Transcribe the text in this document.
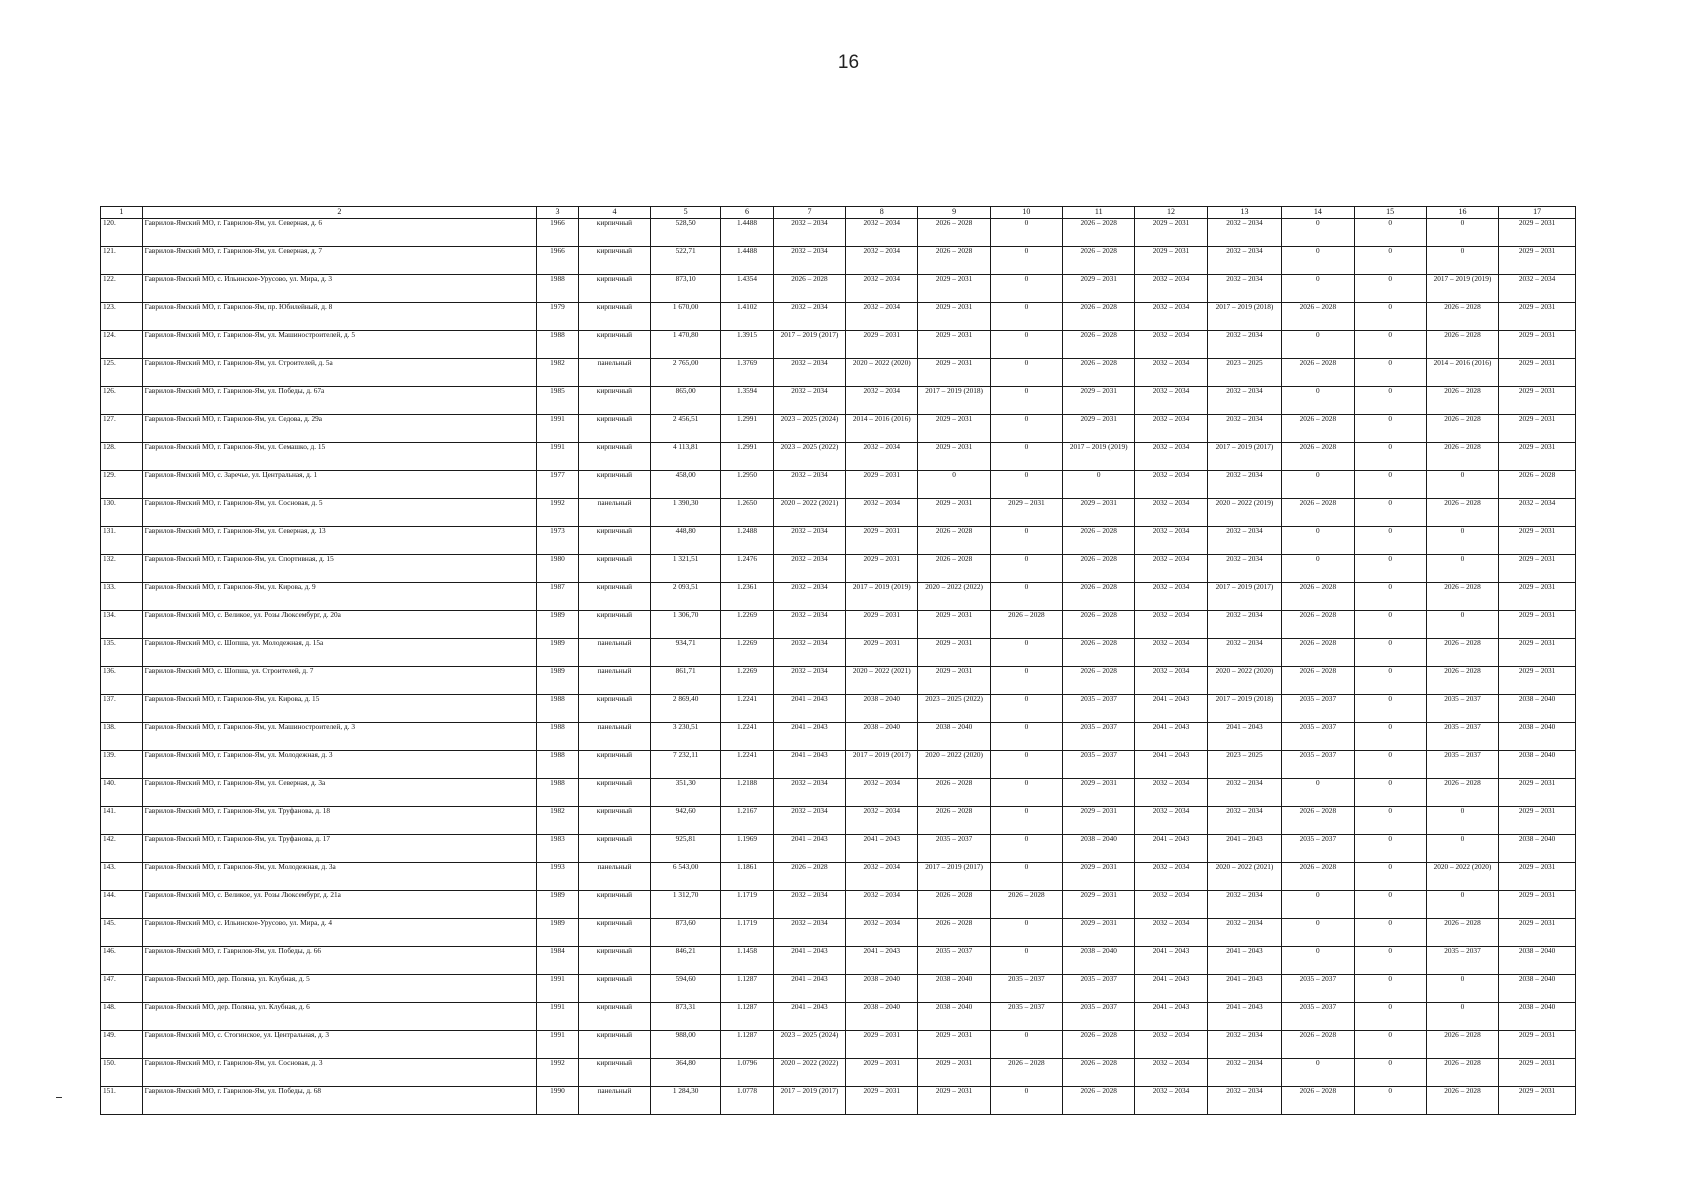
16
1	2	3	4	5	6	7	8	9	10	11	12	13	14	15	16	17
120.	Гаврилов-Ямский МО, г. Гаврилов-Ям, ул. Северная, д. 6	1966	кирпичный	528,50	1.4488	2032 – 2034	2032 – 2034	2026 – 2028	0	2026 – 2028	2029 – 2031	2032 – 2034	0	0	0	2029 – 2031
121.	Гаврилов-Ямский МО, г. Гаврилов-Ям, ул. Северная, д. 7	1966	кирпичный	522,71	1.4488	2032 – 2034	2032 – 2034	2026 – 2028	0	2026 – 2028	2029 – 2031	2032 – 2034	0	0	0	2029 – 2031
122.	Гаврилов-Ямский МО, с. Ильинское-Урусово, ул. Мира, д. 3	1988	кирпичный	873,10	1.4354	2026 – 2028	2032 – 2034	2029 – 2031	0	2029 – 2031	2032 – 2034	2032 – 2034	0	0	2017 – 2019 (2019)	2032 – 2034
123.	Гаврилов-Ямский МО, г. Гаврилов-Ям, пр. Юбилейный, д. 8	1979	кирпичный	1 670,00	1.4102	2032 – 2034	2032 – 2034	2029 – 2031	0	2026 – 2028	2032 – 2034	2017 – 2019 (2018)	2026 – 2028	0	2026 – 2028	2029 – 2031
124.	Гаврилов-Ямский МО, г. Гаврилов-Ям, ул. Машиностроителей, д. 5	1988	кирпичный	1 470,80	1.3915	2017 – 2019 (2017)	2029 – 2031	2029 – 2031	0	2026 – 2028	2032 – 2034	2032 – 2034	0	0	2026 – 2028	2029 – 2031
125.	Гаврилов-Ямский МО, г. Гаврилов-Ям, ул. Строителей, д. 5а	1982	панельный	2 765,00	1.3769	2032 – 2034	2020 – 2022 (2020)	2029 – 2031	0	2026 – 2028	2032 – 2034	2023 – 2025	2026 – 2028	0	2014 – 2016 (2016)	2029 – 2031
126.	Гаврилов-Ямский МО, г. Гаврилов-Ям, ул. Победы, д. 67а	1985	кирпичный	865,00	1.3594	2032 – 2034	2032 – 2034	2017 – 2019 (2018)	0	2029 – 2031	2032 – 2034	2032 – 2034	0	0	2026 – 2028	2029 – 2031
127.	Гаврилов-Ямский МО, г. Гаврилов-Ям, ул. Седова, д. 29а	1991	кирпичный	2 456,51	1.2991	2023 – 2025 (2024)	2014 – 2016 (2016)	2029 – 2031	0	2029 – 2031	2032 – 2034	2032 – 2034	2026 – 2028	0	2026 – 2028	2029 – 2031
128.	Гаврилов-Ямский МО, г. Гаврилов-Ям, ул. Семашко, д. 15	1991	кирпичный	4 113,81	1.2991	2023 – 2025 (2022)	2032 – 2034	2029 – 2031	0	2017 – 2019 (2019)	2032 – 2034	2017 – 2019 (2017)	2026 – 2028	0	2026 – 2028	2029 – 2031
129.	Гаврилов-Ямский МО, с. Заречье, ул. Центральная, д. 1	1977	кирпичный	458,00	1.2950	2032 – 2034	2029 – 2031	0	0	0	2032 – 2034	2032 – 2034	0	0	0	2026 – 2028
130.	Гаврилов-Ямский МО, г. Гаврилов-Ям, ул. Сосновая, д. 5	1992	панельный	1 390,30	1.2650	2020 – 2022 (2021)	2032 – 2034	2029 – 2031	2029 – 2031	2029 – 2031	2032 – 2034	2020 – 2022 (2019)	2026 – 2028	0	2026 – 2028	2032 – 2034
131.	Гаврилов-Ямский МО, г. Гаврилов-Ям, ул. Северная, д. 13	1973	кирпичный	448,80	1.2488	2032 – 2034	2029 – 2031	2026 – 2028	0	2026 – 2028	2032 – 2034	2032 – 2034	0	0	0	2029 – 2031
132.	Гаврилов-Ямский МО, г. Гаврилов-Ям, ул. Спортивная, д. 15	1980	кирпичный	1 321,51	1.2476	2032 – 2034	2029 – 2031	2026 – 2028	0	2026 – 2028	2032 – 2034	2032 – 2034	0	0	0	2029 – 2031
133.	Гаврилов-Ямский МО, г. Гаврилов-Ям, ул. Кирова, д. 9	1987	кирпичный	2 093,51	1.2361	2032 – 2034	2017 – 2019 (2019)	2020 – 2022 (2022)	0	2026 – 2028	2032 – 2034	2017 – 2019 (2017)	2026 – 2028	0	2026 – 2028	2029 – 2031
134.	Гаврилов-Ямский МО, с. Великое, ул. Розы Люксембург, д. 20а	1989	кирпичный	1 306,70	1.2269	2032 – 2034	2029 – 2031	2029 – 2031	2026 – 2028	2026 – 2028	2032 – 2034	2032 – 2034	2026 – 2028	0	0	2029 – 2031
135.	Гаврилов-Ямский МО, с. Шопша, ул. Молодежная, д. 15а	1989	панельный	934,71	1.2269	2032 – 2034	2029 – 2031	2029 – 2031	0	2026 – 2028	2032 – 2034	2032 – 2034	2026 – 2028	0	2026 – 2028	2029 – 2031
136.	Гаврилов-Ямский МО, с. Шопша, ул. Строителей, д. 7	1989	панельный	861,71	1.2269	2032 – 2034	2020 – 2022 (2021)	2029 – 2031	0	2026 – 2028	2032 – 2034	2020 – 2022 (2020)	2026 – 2028	0	2026 – 2028	2029 – 2031
137.	Гаврилов-Ямский МО, г. Гаврилов-Ям, ул. Кирова, д. 15	1988	кирпичный	2 869,40	1.2241	2041 – 2043	2038 – 2040	2023 – 2025 (2022)	0	2035 – 2037	2041 – 2043	2017 – 2019 (2018)	2035 – 2037	0	2035 – 2037	2038 – 2040
138.	Гаврилов-Ямский МО, г. Гаврилов-Ям, ул. Машиностроителей, д. 3	1988	панельный	3 230,51	1.2241	2041 – 2043	2038 – 2040	2038 – 2040	0	2035 – 2037	2041 – 2043	2041 – 2043	2035 – 2037	0	2035 – 2037	2038 – 2040
139.	Гаврилов-Ямский МО, г. Гаврилов-Ям, ул. Молодежная, д. 3	1988	кирпичный	7 232,11	1.2241	2041 – 2043	2017 – 2019 (2017)	2020 – 2022 (2020)	0	2035 – 2037	2041 – 2043	2023 – 2025	2035 – 2037	0	2035 – 2037	2038 – 2040
140.	Гаврилов-Ямский МО, г. Гаврилов-Ям, ул. Северная, д. 3а	1988	кирпичный	351,30	1.2188	2032 – 2034	2032 – 2034	2026 – 2028	0	2029 – 2031	2032 – 2034	2032 – 2034	0	0	2026 – 2028	2029 – 2031
141.	Гаврилов-Ямский МО, г. Гаврилов-Ям, ул. Труфанова, д. 18	1982	кирпичный	942,60	1.2167	2032 – 2034	2032 – 2034	2026 – 2028	0	2029 – 2031	2032 – 2034	2032 – 2034	2026 – 2028	0	0	2029 – 2031
142.	Гаврилов-Ямский МО, г. Гаврилов-Ям, ул. Труфанова, д. 17	1983	кирпичный	925,81	1.1969	2041 – 2043	2041 – 2043	2035 – 2037	0	2038 – 2040	2041 – 2043	2041 – 2043	2035 – 2037	0	0	2038 – 2040
143.	Гаврилов-Ямский МО, г. Гаврилов-Ям, ул. Молодежная, д. 3а	1993	панельный	6 543,00	1.1861	2026 – 2028	2032 – 2034	2017 – 2019 (2017)	0	2029 – 2031	2032 – 2034	2020 – 2022 (2021)	2026 – 2028	0	2020 – 2022 (2020)	2029 – 2031
144.	Гаврилов-Ямский МО, с. Великое, ул. Розы Люксембург, д. 21а	1989	кирпичный	1 312,70	1.1719	2032 – 2034	2032 – 2034	2026 – 2028	2026 – 2028	2029 – 2031	2032 – 2034	2032 – 2034	0	0	0	2029 – 2031
145.	Гаврилов-Ямский МО, с. Ильинское-Урусово, ул. Мира, д. 4	1989	кирпичный	873,60	1.1719	2032 – 2034	2032 – 2034	2026 – 2028	0	2029 – 2031	2032 – 2034	2032 – 2034	0	0	2026 – 2028	2029 – 2031
146.	Гаврилов-Ямский МО, г. Гаврилов-Ям, ул. Победы, д. 66	1984	кирпичный	846,21	1.1458	2041 – 2043	2041 – 2043	2035 – 2037	0	2038 – 2040	2041 – 2043	2041 – 2043	0	0	2035 – 2037	2038 – 2040
147.	Гаврилов-Ямский МО, дер. Поляна, ул. Клубная, д. 5	1991	кирпичный	594,60	1.1287	2041 – 2043	2038 – 2040	2038 – 2040	2035 – 2037	2035 – 2037	2041 – 2043	2041 – 2043	2035 – 2037	0	0	2038 – 2040
148.	Гаврилов-Ямский МО, дер. Поляна, ул. Клубная, д. 6	1991	кирпичный	873,31	1.1287	2041 – 2043	2038 – 2040	2038 – 2040	2035 – 2037	2035 – 2037	2041 – 2043	2041 – 2043	2035 – 2037	0	0	2038 – 2040
149.	Гаврилов-Ямский МО, с. Стогинское, ул. Центральная, д. 3	1991	кирпичный	988,00	1.1287	2023 – 2025 (2024)	2029 – 2031	2029 – 2031	0	2026 – 2028	2032 – 2034	2032 – 2034	2026 – 2028	0	2026 – 2028	2029 – 2031
150.	Гаврилов-Ямский МО, г. Гаврилов-Ям, ул. Сосновая, д. 3	1992	кирпичный	364,80	1.0796	2020 – 2022 (2022)	2029 – 2031	2029 – 2031	2026 – 2028	2026 – 2028	2032 – 2034	2032 – 2034	0	0	2026 – 2028	2029 – 2031
151.	Гаврилов-Ямский МО, г. Гаврилов-Ям, ул. Победы, д. 68	1990	панельный	1 284,30	1.0778	2017 – 2019 (2017)	2029 – 2031	2029 – 2031	0	2026 – 2028	2032 – 2034	2032 – 2034	2026 – 2028	0	2026 – 2028	2029 – 2031
